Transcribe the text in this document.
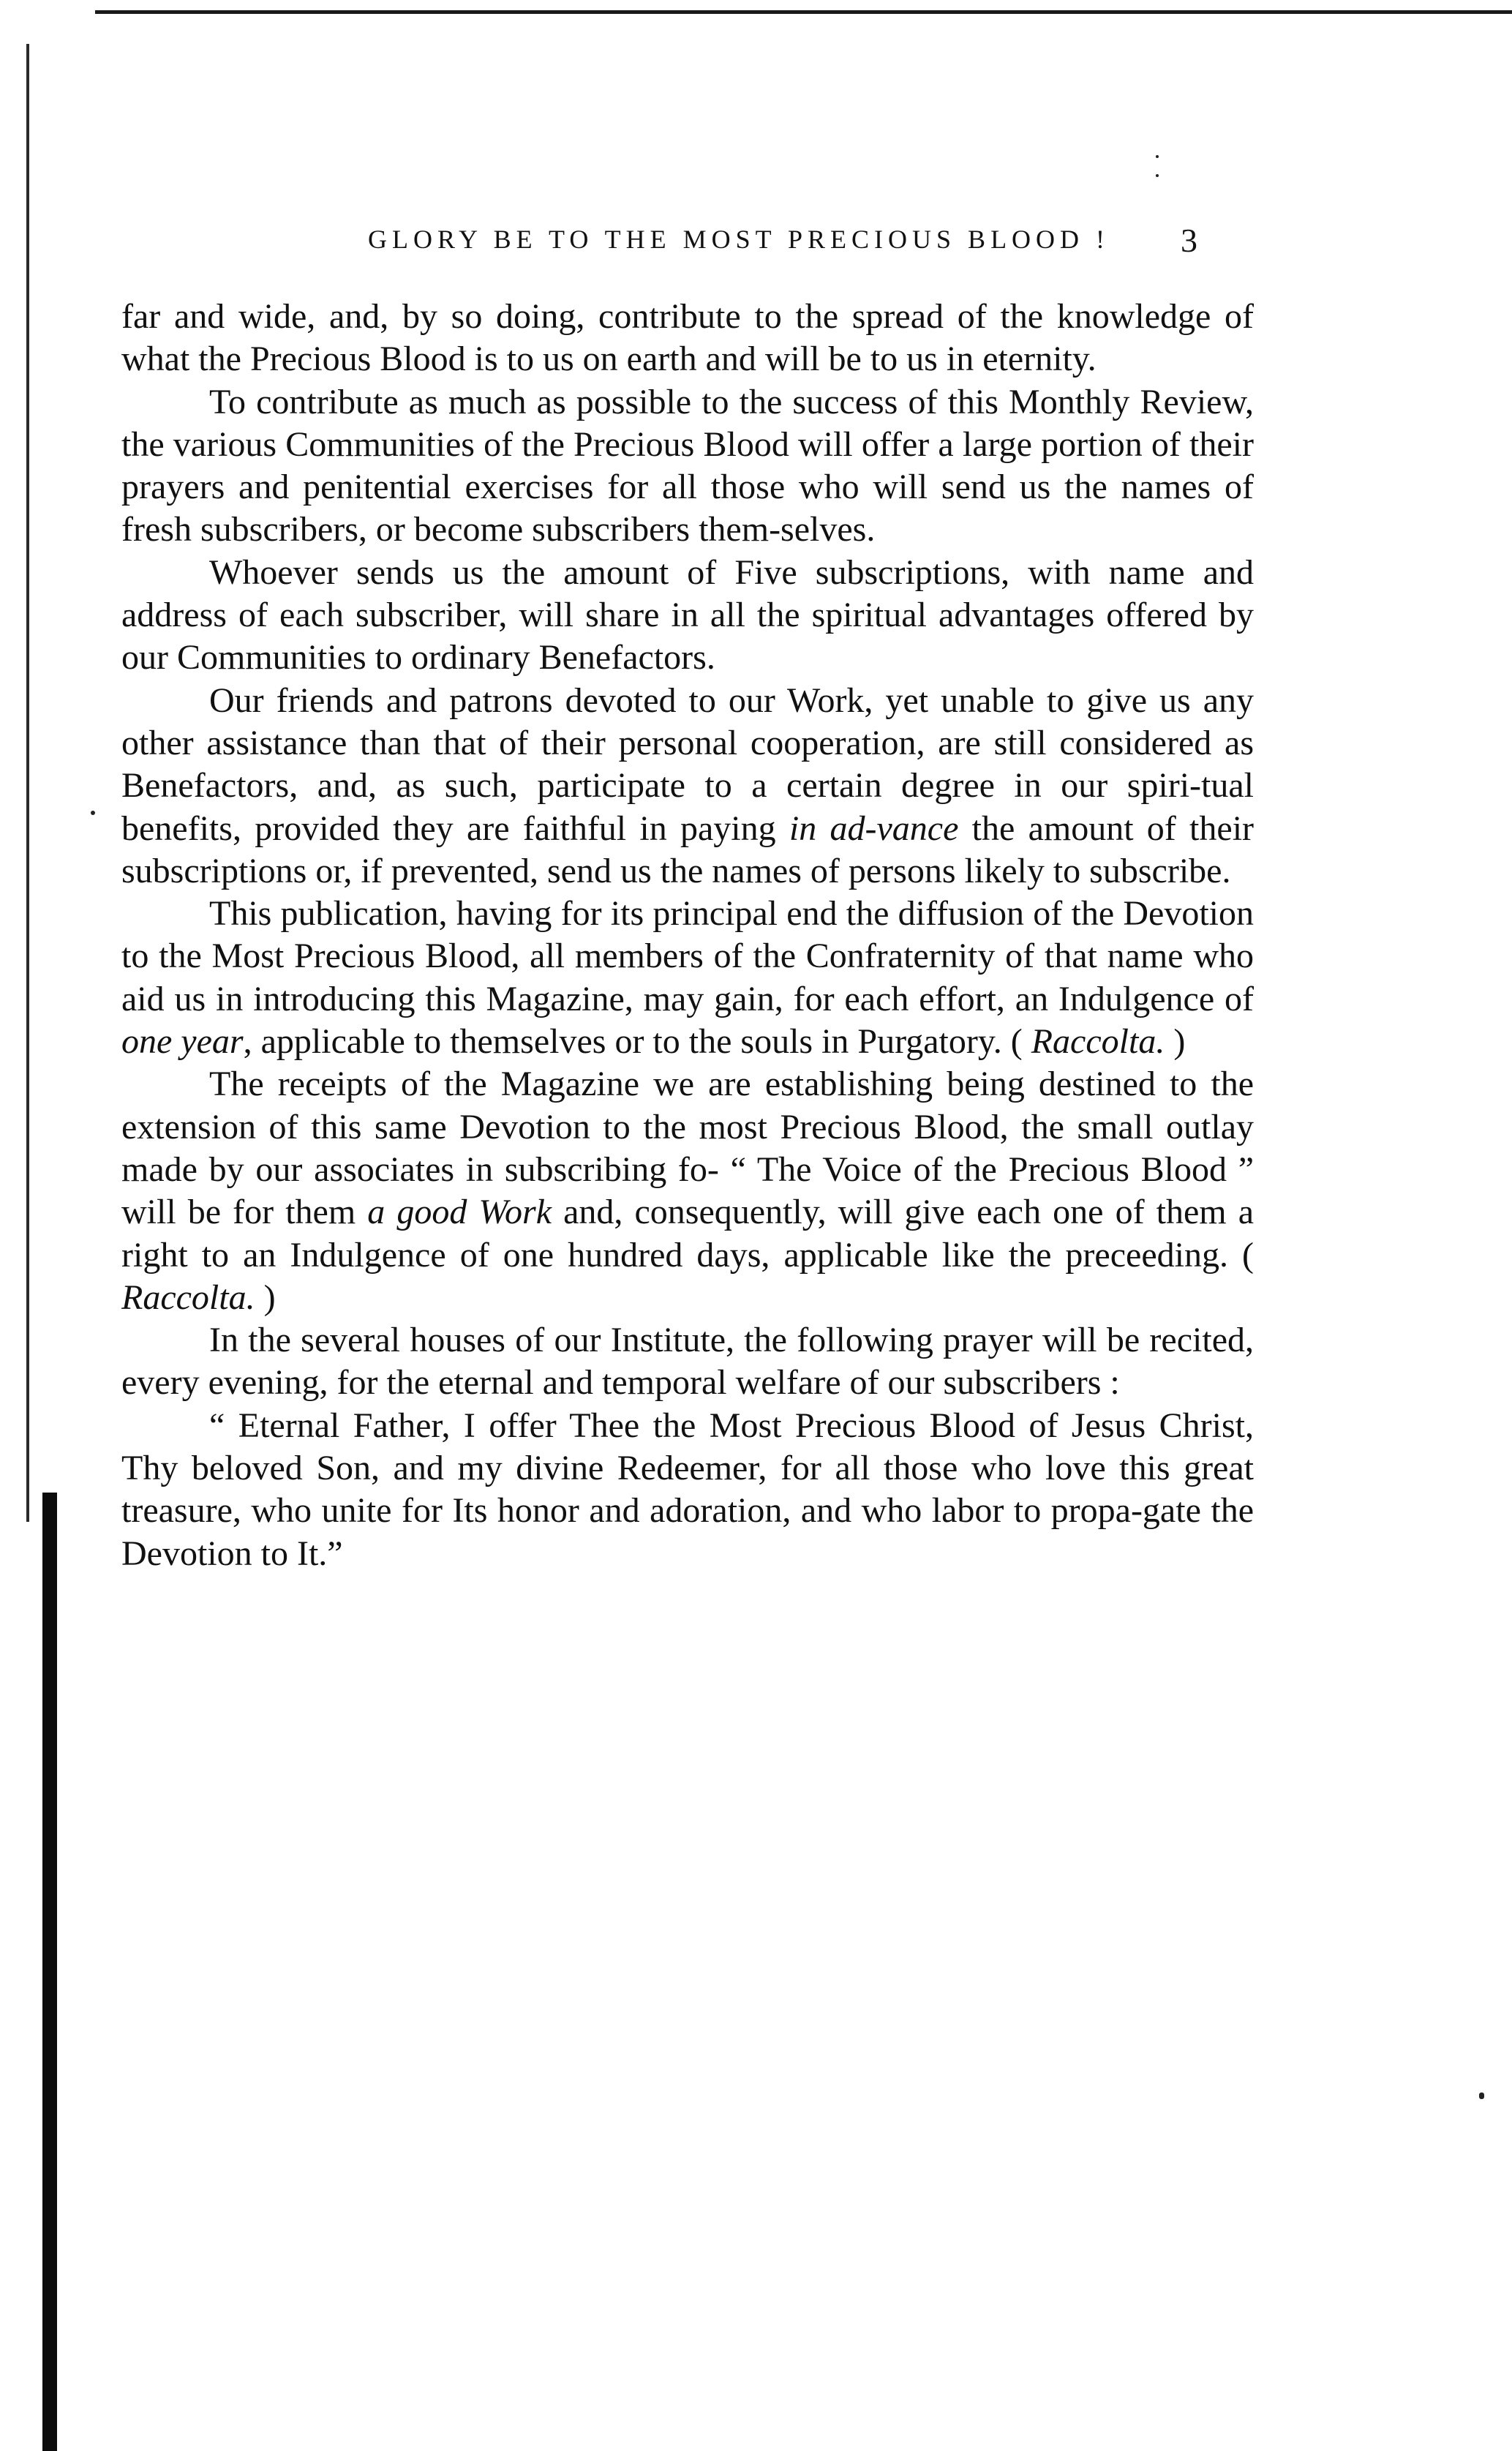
GLORY BE TO THE MOST PRECIOUS BLOOD !	3

far and wide, and, by so doing, contribute to the spread of the knowledge of what the Precious Blood is to us on earth and will be to us in eternity.

To contribute as much as possible to the success of this Monthly Review, the various Communities of the Precious Blood will offer a large portion of their prayers and penitential exercises for all those who will send us the names of fresh subscribers, or become subscribers them-selves.

Whoever sends us the amount of Five subscriptions, with name and address of each subscriber, will share in all the spiritual advantages offered by our Communities to ordinary Benefactors.

Our friends and patrons devoted to our Work, yet unable to give us any other assistance than that of their personal cooperation, are still considered as Benefactors, and, as such, participate to a certain degree in our spiri-tual benefits, provided they are faithful in paying in ad-vance the amount of their subscriptions or, if prevented, send us the names of persons likely to subscribe.

This publication, having for its principal end the diffusion of the Devotion to the Most Precious Blood, all members of the Confraternity of that name who aid us in introducing this Magazine, may gain, for each effort, an Indulgence of one year, applicable to themselves or to the souls in Purgatory. ( Raccolta. )

The receipts of the Magazine we are establishing being destined to the extension of this same Devotion to the most Precious Blood, the small outlay made by our associates in subscribing fo- “ The Voice of the Precious Blood ” will be for them a good Work and, consequently, will give each one of them a right to an Indulgence of one hundred days, applicable like the preceeding. ( Raccolta. )

In the several houses of our Institute, the following prayer will be recited, every evening, for the eternal and temporal welfare of our subscribers :

“ Eternal Father, I offer Thee the Most Precious Blood of Jesus Christ, Thy beloved Son, and my divine Redeemer, for all those who love this great treasure, who unite for Its honor and adoration, and who labor to propa-gate the Devotion to It.”
